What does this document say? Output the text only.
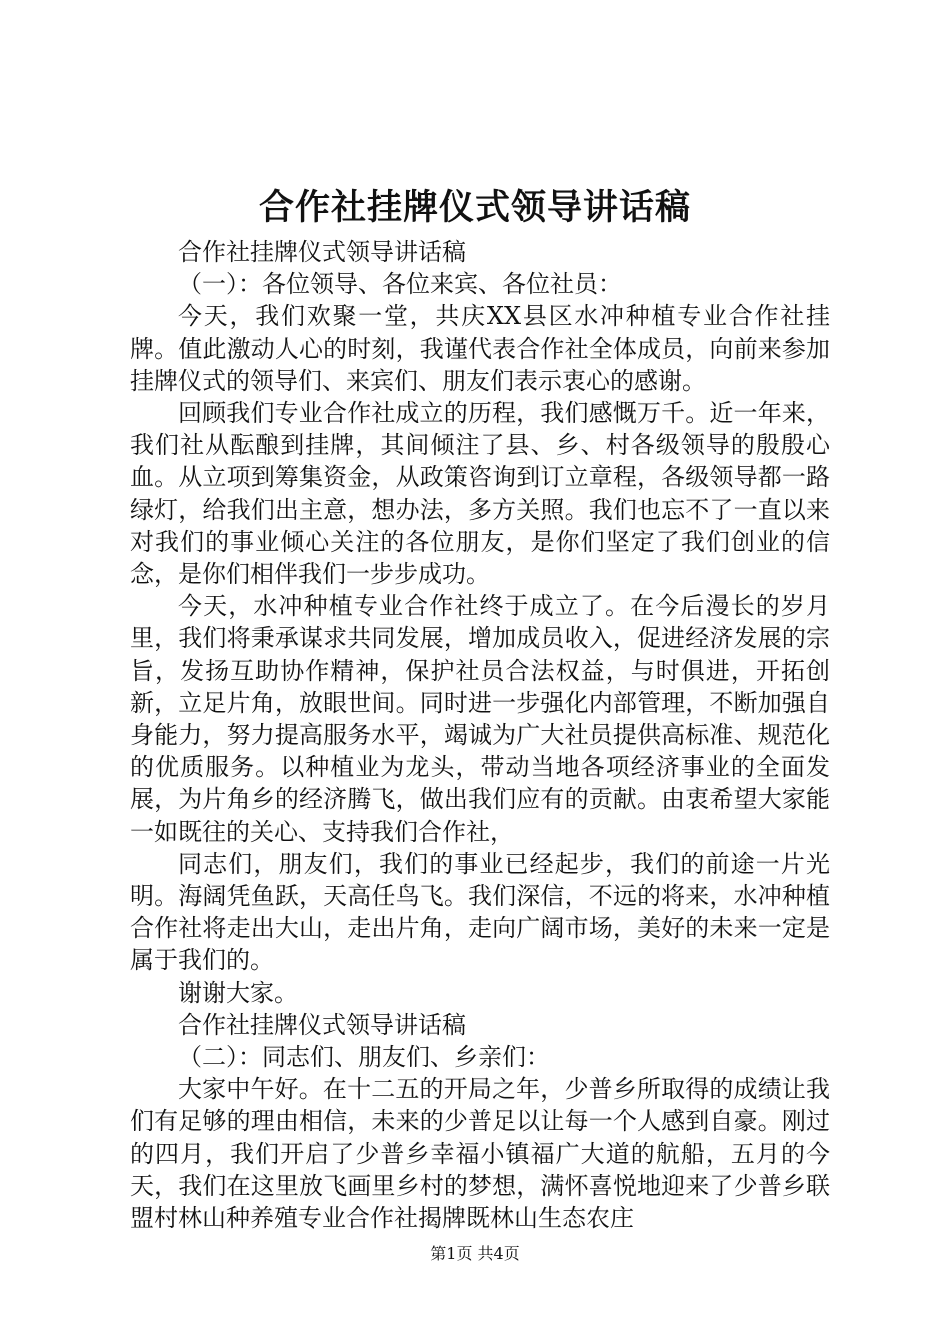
合作社挂牌仪式领导讲话稿

合作社挂牌仪式领导讲话稿

（一）：各位领导、各位来宾、各位社员：

今天，我们欢聚一堂，共庆XX县区水冲种植专业合作社挂牌。值此激动人心的时刻，我谨代表合作社全体成员，向前来参加挂牌仪式的领导们、来宾们、朋友们表示衷心的感谢。

回顾我们专业合作社成立的历程，我们感慨万千。近一年来，我们社从酝酿到挂牌，其间倾注了县、乡、村各级领导的殷殷心血。从立项到筹集资金，从政策咨询到订立章程，各级领导都一路绿灯，给我们出主意，想办法，多方关照。我们也忘不了一直以来对我们的事业倾心关注的各位朋友，是你们坚定了我们创业的信念，是你们相伴我们一步步成功。

今天，水冲种植专业合作社终于成立了。在今后漫长的岁月里，我们将秉承谋求共同发展，增加成员收入，促进经济发展的宗旨，发扬互助协作精神，保护社员合法权益，与时俱进，开拓创新，立足片角，放眼世间。同时进一步强化内部管理，不断加强自身能力，努力提高服务水平，竭诚为广大社员提供高标准、规范化的优质服务。以种植业为龙头，带动当地各项经济事业的全面发展，为片角乡的经济腾飞，做出我们应有的贡献。由衷希望大家能一如既往的关心、支持我们合作社，

同志们，朋友们，我们的事业已经起步，我们的前途一片光明。海阔凭鱼跃，天高任鸟飞。我们深信，不远的将来，水冲种植合作社将走出大山，走出片角，走向广阔市场，美好的未来一定是属于我们的。

谢谢大家。

合作社挂牌仪式领导讲话稿

（二）：同志们、朋友们、乡亲们：

大家中午好。在十二五的开局之年，少普乡所取得的成绩让我们有足够的理由相信，未来的少普足以让每一个人感到自豪。刚过的四月，我们开启了少普乡幸福小镇福广大道的航船，五月的今天，我们在这里放飞画里乡村的梦想，满怀喜悦地迎来了少普乡联盟村林山种养殖专业合作社揭牌既林山生态农庄

第1页 共4页
